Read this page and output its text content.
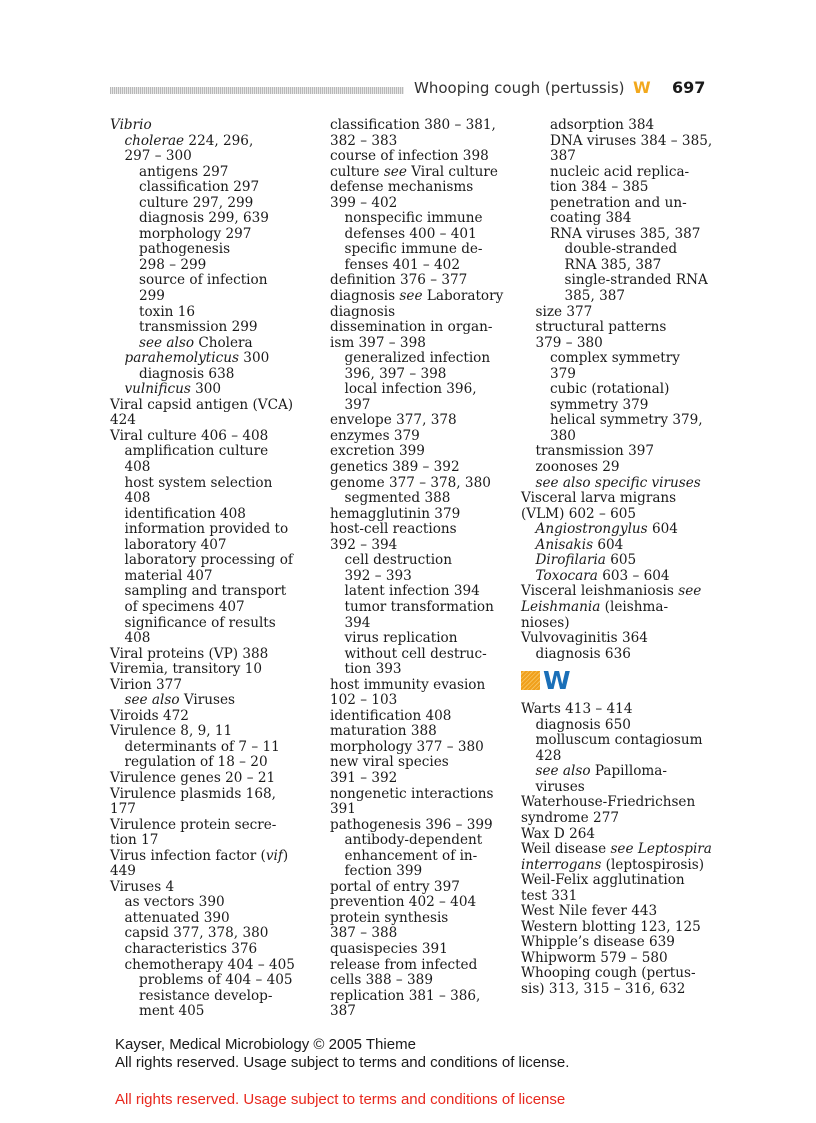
Whooping cough (pertussis) W 697
Vibrio
cholerae 224, 296,
297 – 300
antigens 297
classification 297
culture 297, 299
diagnosis 299, 639
morphology 297
pathogenesis
298 – 299
source of infection
299
toxin 16
transmission 299
see also Cholera
parahemolyticus 300
diagnosis 638
vulnificus 300
Viral capsid antigen (VCA)
424
Viral culture 406 – 408
amplification culture
408
host system selection
408
identification 408
information provided to
laboratory 407
laboratory processing of
material 407
sampling and transport
of specimens 407
significance of results
408
Viral proteins (VP) 388
Viremia, transitory 10
Virion 377
see also Viruses
Viroids 472
Virulence 8, 9, 11
determinants of 7 – 11
regulation of 18 – 20
Virulence genes 20 – 21
Virulence plasmids 168,
177
Virulence protein secre-
tion 17
Virus infection factor (vif)
449
Viruses 4
as vectors 390
attenuated 390
capsid 377, 378, 380
characteristics 376
chemotherapy 404 – 405
problems of 404 – 405
resistance develop-
ment 405
classification 380 – 381,
382 – 383
course of infection 398
culture see Viral culture
defense mechanisms
399 – 402
nonspecific immune
defenses 400 – 401
specific immune de-
fenses 401 – 402
definition 376 – 377
diagnosis see Laboratory
diagnosis
dissemination in organ-
ism 397 – 398
generalized infection
396, 397 – 398
local infection 396,
397
envelope 377, 378
enzymes 379
excretion 399
genetics 389 – 392
genome 377 – 378, 380
segmented 388
hemagglutinin 379
host-cell reactions
392 – 394
cell destruction
392 – 393
latent infection 394
tumor transformation
394
virus replication
without cell destruc-
tion 393
host immunity evasion
102 – 103
identification 408
maturation 388
morphology 377 – 380
new viral species
391 – 392
nongenetic interactions
391
pathogenesis 396 – 399
antibody-dependent
enhancement of in-
fection 399
portal of entry 397
prevention 402 – 404
protein synthesis
387 – 388
quasispecies 391
release from infected
cells 388 – 389
replication 381 – 386,
387
adsorption 384
DNA viruses 384 – 385,
387
nucleic acid replica-
tion 384 – 385
penetration and un-
coating 384
RNA viruses 385, 387
double-stranded
RNA 385, 387
single-stranded RNA
385, 387
size 377
structural patterns
379 – 380
complex symmetry
379
cubic (rotational)
symmetry 379
helical symmetry 379,
380
transmission 397
zoonoses 29
see also specific viruses
Visceral larva migrans
(VLM) 602 – 605
Angiostrongylus 604
Anisakis 604
Dirofilaria 605
Toxocara 603 – 604
Visceral leishmaniosis see
Leishmania (leishma-
nioses)
Vulvovaginitis 364
diagnosis 636
W
Warts 413 – 414
diagnosis 650
molluscum contagiosum
428
see also Papilloma-
viruses
Waterhouse-Friedrichsen
syndrome 277
Wax D 264
Weil disease see Leptospira
interrogans (leptospirosis)
Weil-Felix agglutination
test 331
West Nile fever 443
Western blotting 123, 125
Whipple’s disease 639
Whipworm 579 – 580
Whooping cough (pertus-
sis) 313, 315 – 316, 632
Kayser, Medical Microbiology © 2005 Thieme
All rights reserved. Usage subject to terms and conditions of license.
All rights reserved. Usage subject to terms and conditions of license
